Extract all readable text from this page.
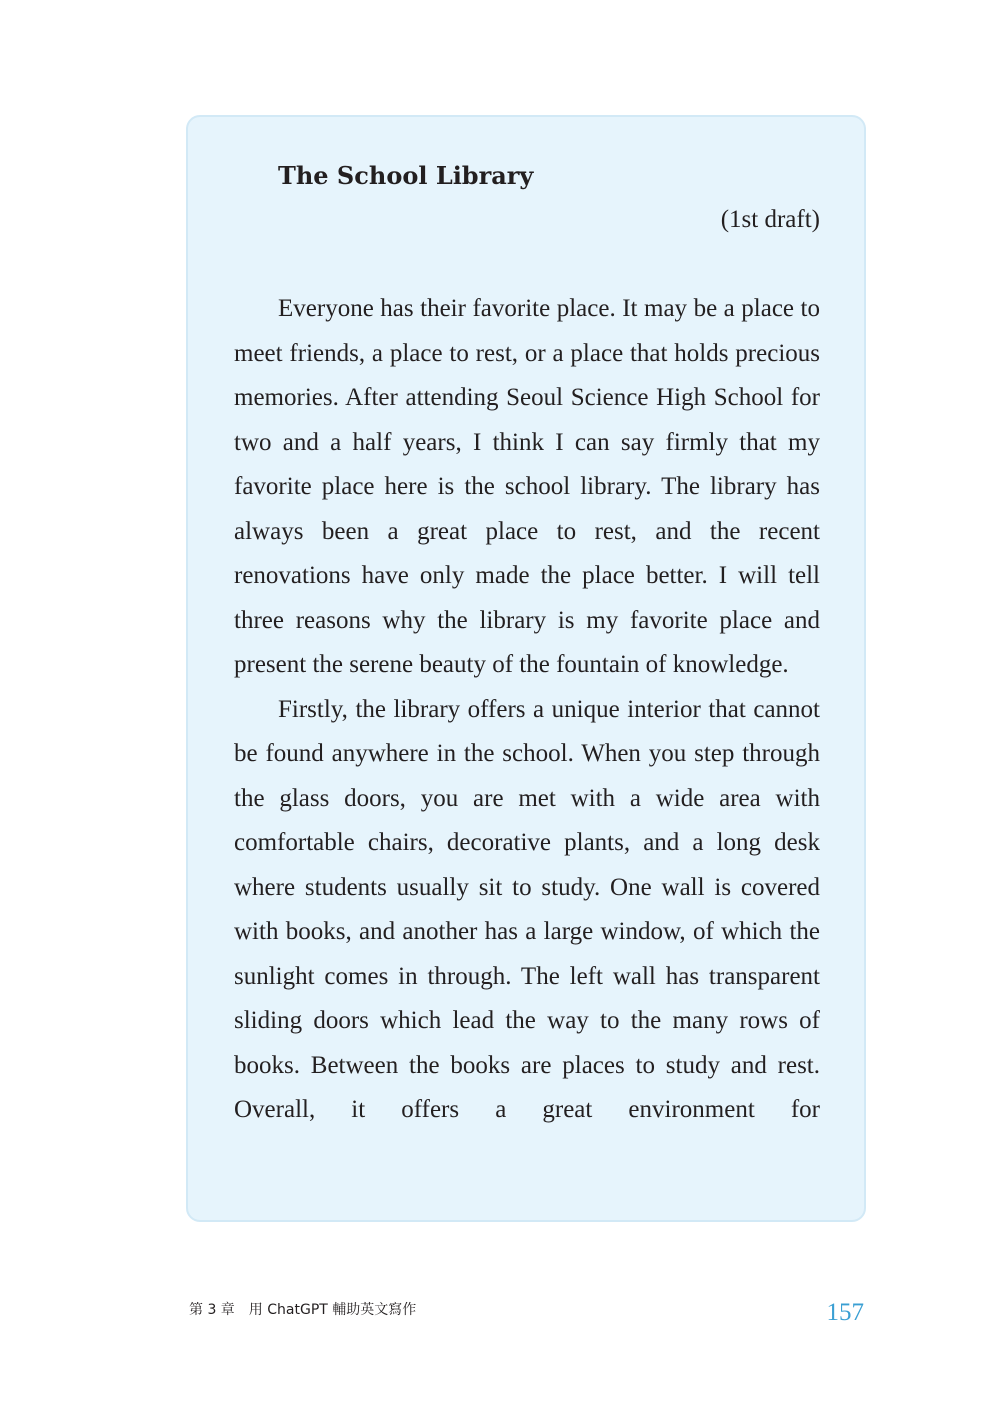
The School Library
(1st draft)

Everyone has their favorite place. It may be a place to meet friends, a place to rest, or a place that holds precious memories. After attending Seoul Science High School for two and a half years, I think I can say firmly that my favorite place here is the school library. The library has always been a great place to rest, and the recent renovations have only made the place better. I will tell three reasons why the library is my favorite place and present the serene beauty of the fountain of knowledge.

Firstly, the library offers a unique interior that cannot be found anywhere in the school. When you step through the glass doors, you are met with a wide area with comfortable chairs, decorative plants, and a long desk where students usually sit to study. One wall is covered with books, and another has a large window, of which the sunlight comes in through. The left wall has transparent sliding doors which lead the way to the many rows of books. Between the books are places to study and rest. Overall, it offers a great environment for

第 3 章　用 ChatGPT 輔助英文寫作	157
